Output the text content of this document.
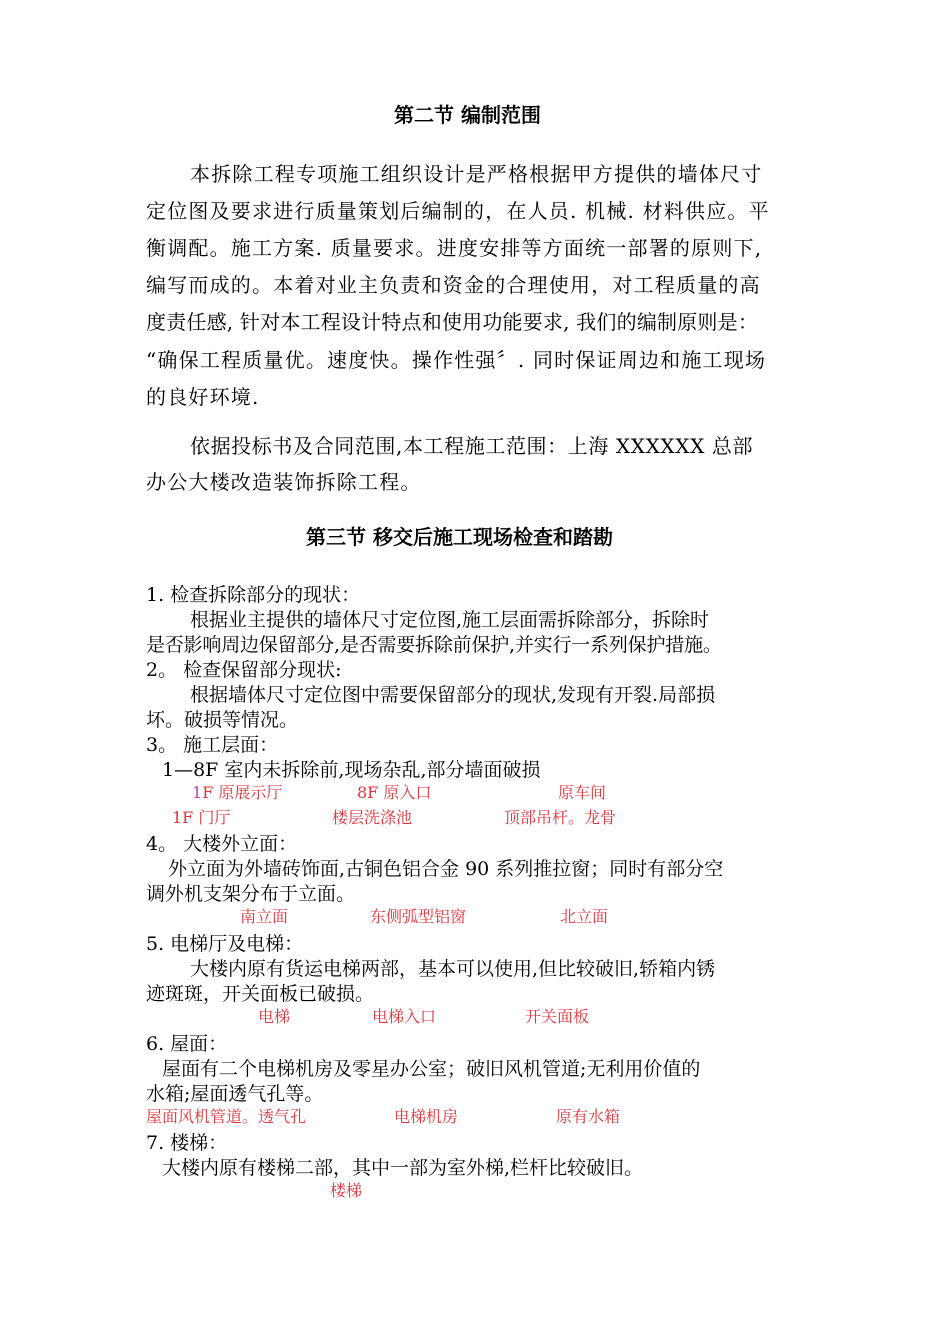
第二节 编制范围
本拆除工程专项施工组织设计是严格根据甲方提供的墙体尺寸
定位图及要求进行质量策划后编制的，在人员. 机械. 材料供应。平
衡调配。施工方案. 质量要求。进度安排等方面统一部署的原则下,
编写而成的。本着对业主负责和资金的合理使用，对工程质量的高
度责任感, 针对本工程设计特点和使用功能要求, 我们的编制原则是：
“确保工程质量优。速度快。操作性强〞. 同时保证周边和施工现场
的良好环境.
依据投标书及合同范围,本工程施工范围：上海 XXXXXX 总部
办公大楼改造装饰拆除工程。
第三节 移交后施工现场检查和踏勘
1. 检查拆除部分的现状：
根据业主提供的墙体尺寸定位图,施工层面需拆除部分，拆除时
是否影响周边保留部分,是否需要拆除前保护,并实行一系列保护措施。
2。 检查保留部分现状:
根据墙体尺寸定位图中需要保留部分的现状,发现有开裂.局部损
坏。破损等情况。
3。 施工层面：
1—8F 室内未拆除前,现场杂乱,部分墙面破损
1F 原展示厅	8F 原入口	原车间
1F 门厅	楼层洗涤池	顶部吊杆。龙骨
4。 大楼外立面：
外立面为外墙砖饰面,古铜色铝合金 90 系列推拉窗；同时有部分空
调外机支架分布于立面。
南立面	东侧弧型铝窗	北立面
5. 电梯厅及电梯：
大楼内原有货运电梯两部，基本可以使用,但比较破旧,轿箱内锈
迹斑斑，开关面板已破损。
电梯	电梯入口	开关面板
6. 屋面：
屋面有二个电梯机房及零星办公室；破旧风机管道;无利用价值的
水箱;屋面透气孔等。
屋面风机管道。透气孔	电梯机房	原有水箱
7. 楼梯：
大楼内原有楼梯二部，其中一部为室外梯,栏杆比较破旧。
楼梯
